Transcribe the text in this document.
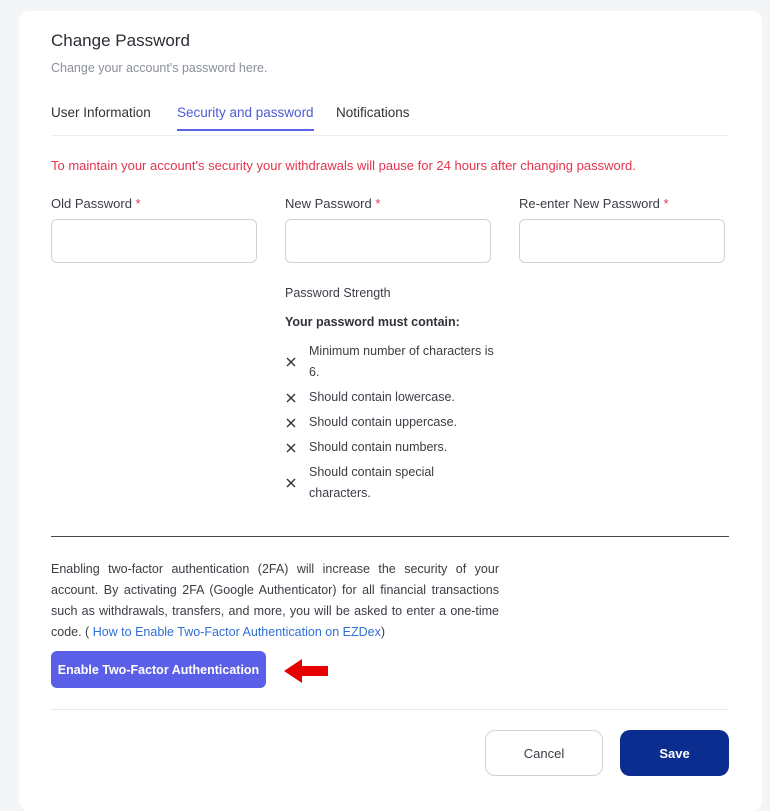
Change Password
Change your account's password here.
User Information Security and password Notifications
To maintain your account's security your withdrawals will pause for 24 hours after changing password.
Old Password *	New Password *	Re-enter New Password *
Password Strength
Your password must contain:
Minimum number of characters is 6.
Should contain lowercase.
Should contain uppercase.
Should contain numbers.
Should contain special characters.
Enabling two-factor authentication (2FA) will increase the security of your account. By activating 2FA (Google Authenticator) for all financial transactions such as withdrawals, transfers, and more, you will be asked to enter a one-time code. ( How to Enable Two-Factor Authentication on EZDex)
Enable Two-Factor Authentication
Cancel	Save
